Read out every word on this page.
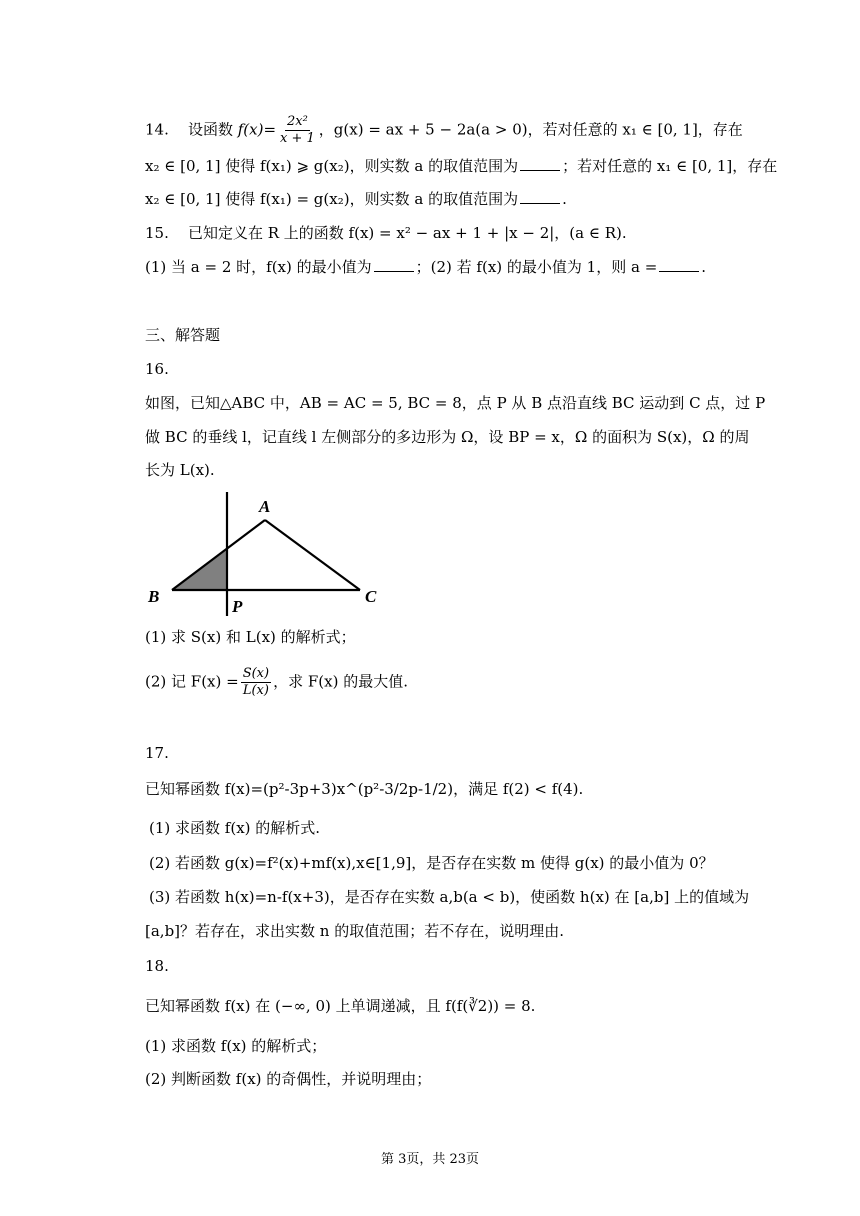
14. 设函数 $f(x)= \frac{\text{2x²}}{x + 1}$ ，g(x) = ax + 5 − 2a(a > 0)，若对任意的 x₁ ∈ [0, 1]，存在
x₂ ∈ [0, 1] 使得 f(x₁) ⩾ g(x₂)，则实数 a 的取值范围为	；若对任意的 x₁ ∈ [0, 1]，存在
x₂ ∈ [0, 1] 使得 f(x₁) = g(x₂)，则实数 a 的取值范围为	.
15. 已知定义在 R 上的函数 f(x) = x² − ax + 1 + |x − 2|，(a ∈ R).
(1) 当 a = 2 时，f(x) 的最小值为	；(2) 若 f(x) 的最小值为 1，则 a =	.
三、解答题
16.
如图，已知△ABC 中，AB = AC = 5, BC = 8，点 P 从 B 点沿直线 BC 运动到 C 点，过 P
做 BC 的垂线 l，记直线 l 左侧部分的多边形为 Ω，设 BP = x，Ω 的面积为 S(x)，Ω 的周
长为 L(x).
A
B	C
P
(1) 求 S(x) 和 L(x) 的解析式；
(2) 记 $F(x) = \frac{S(x)}{L(x)}$ ，求 F(x) 的最大值.
17.
已知幂函数 f(x)=(p²-3p+3)x^(p²-3/2p-1/2)，满足 f(2) < f(4).
(1) 求函数 f(x) 的解析式.
(2) 若函数 g(x)=f²(x)+mf(x),x∈[1,9]，是否存在实数 m 使得 g(x) 的最小值为 0？
(3) 若函数 h(x)=n-f(x+3)，是否存在实数 a,b(a < b)，使函数 h(x) 在 [a,b] 上的值域为
[a,b]？若存在，求出实数 n 的取值范围；若不存在，说明理由.
18.
已知幂函数 f(x) 在 (−∞, 0) 上单调递减，且 f(f(∛2)) = 8.
(1) 求函数 f(x) 的解析式；
(2) 判断函数 f(x) 的奇偶性，并说明理由；
第 3页，共 23页
